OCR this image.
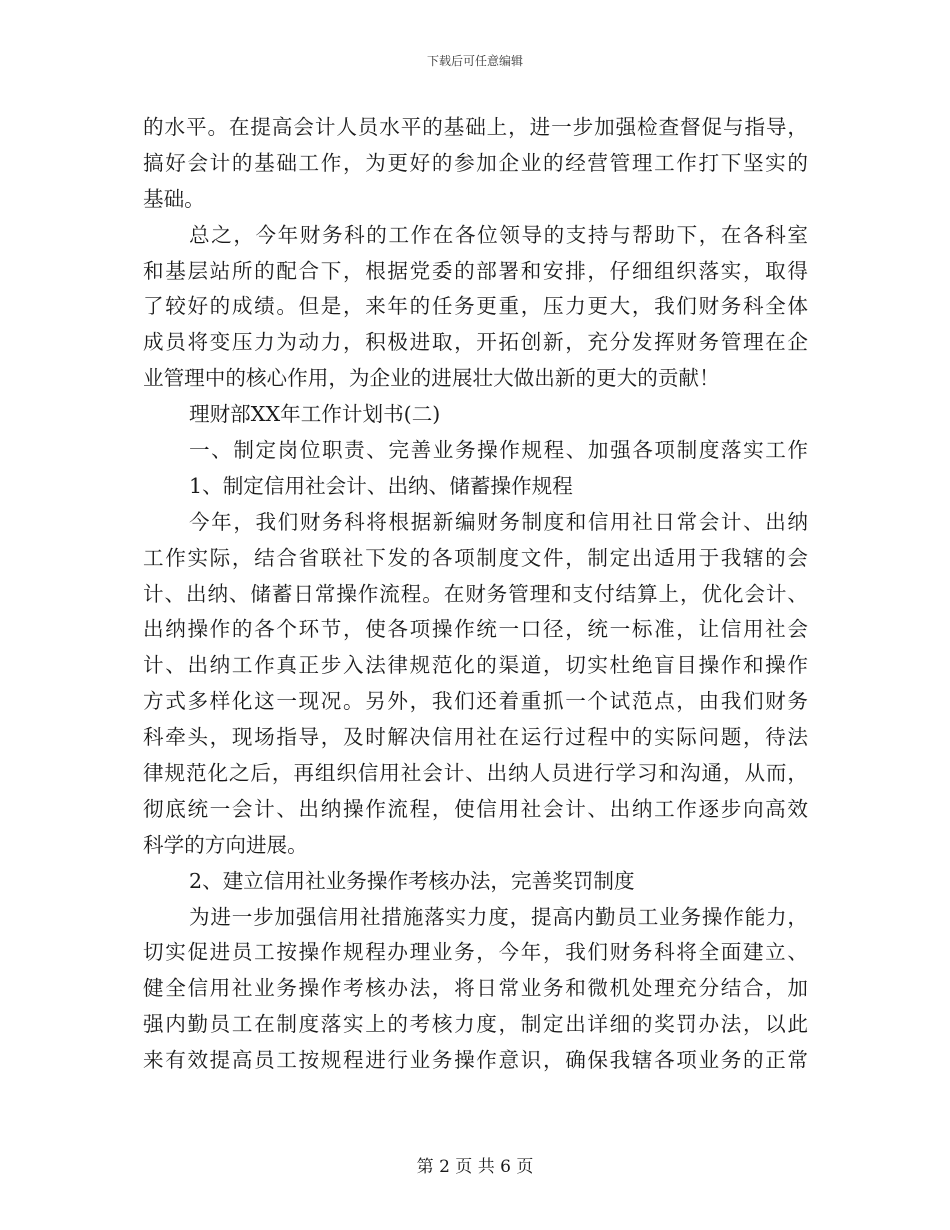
下载后可任意编辑
的水平。在提高会计人员水平的基础上，进一步加强检查督促与指导，
搞好会计的基础工作，为更好的参加企业的经营管理工作打下坚实的
基础。
总之，今年财务科的工作在各位领导的支持与帮助下，在各科室
和基层站所的配合下，根据党委的部署和安排，仔细组织落实，取得
了较好的成绩。但是，来年的任务更重，压力更大，我们财务科全体
成员将变压力为动力，积极进取，开拓创新，充分发挥财务管理在企
业管理中的核心作用，为企业的进展壮大做出新的更大的贡献！
理财部XX年工作计划书(二)
一、制定岗位职责、完善业务操作规程、加强各项制度落实工作
1、制定信用社会计、出纳、储蓄操作规程
今年，我们财务科将根据新编财务制度和信用社日常会计、出纳
工作实际，结合省联社下发的各项制度文件，制定出适用于我辖的会
计、出纳、储蓄日常操作流程。在财务管理和支付结算上，优化会计、
出纳操作的各个环节，使各项操作统一口径，统一标准，让信用社会
计、出纳工作真正步入法律规范化的渠道，切实杜绝盲目操作和操作
方式多样化这一现况。另外，我们还着重抓一个试范点，由我们财务
科牵头，现场指导，及时解决信用社在运行过程中的实际问题，待法
律规范化之后，再组织信用社会计、出纳人员进行学习和沟通，从而，
彻底统一会计、出纳操作流程，使信用社会计、出纳工作逐步向高效
科学的方向进展。
2、建立信用社业务操作考核办法，完善奖罚制度
为进一步加强信用社措施落实力度，提高内勤员工业务操作能力，
切实促进员工按操作规程办理业务，今年，我们财务科将全面建立、
健全信用社业务操作考核办法，将日常业务和微机处理充分结合，加
强内勤员工在制度落实上的考核力度，制定出详细的奖罚办法，以此
来有效提高员工按规程进行业务操作意识，确保我辖各项业务的正常
第 2 页 共 6 页
